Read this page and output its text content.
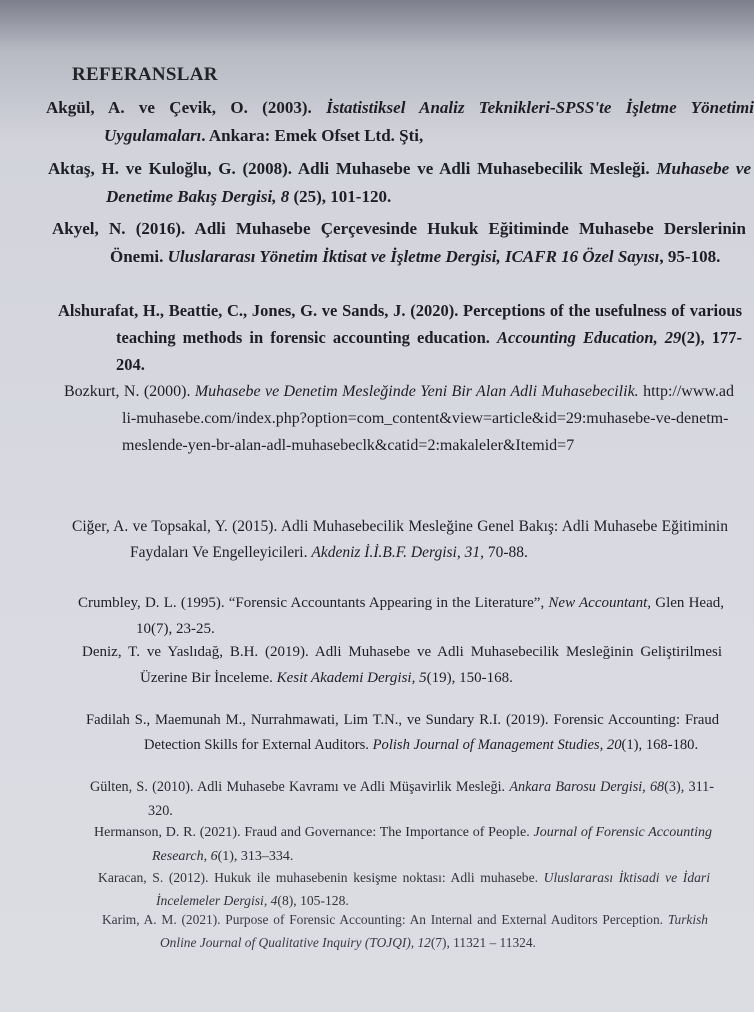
REFERANSLAR

Akgül, A. ve Çevik, O. (2003). İstatistiksel Analiz Teknikleri-SPSS'te İşletme Yönetimi Uygulamaları. Ankara: Emek Ofset Ltd. Şti,

Aktaş, H. ve Kuloğlu, G. (2008). Adli Muhasebe ve Adli Muhasebecilik Mesleği. Muhasebe ve Denetime Bakış Dergisi, 8 (25), 101-120.

Akyel, N. (2016). Adli Muhasebe Çerçevesinde Hukuk Eğitiminde Muhasebe Derslerinin Önemi. Uluslararası Yönetim İktisat ve İşletme Dergisi, ICAFR 16 Özel Sayısı, 95-108.

Alshurafat, H., Beattie, C., Jones, G. ve Sands, J. (2020). Perceptions of the usefulness of various teaching methods in forensic accounting education. Accounting Education, 29(2), 177-204.

Bozkurt, N. (2000). Muhasebe ve Denetim Mesleğinde Yeni Bir Alan Adli Muhasebecilik. http://www.adli-muhasebe.com/index.php?option=com_content&view=article&id=29:muhasebe-ve-denetm-meslende-yen-br-alan-adl-muhasebeclk&catid=2:makaleler&Itemid=7

Ciğer, A. ve Topsakal, Y. (2015). Adli Muhasebecilik Mesleğine Genel Bakış: Adli Muhasebe Eğitiminin Faydaları Ve Engelleyicileri. Akdeniz İ.İ.B.F. Dergisi, 31, 70-88.

Crumbley, D. L. (1995). “Forensic Accountants Appearing in the Literature”, New Accountant, Glen Head, 10(7), 23-25.

Deniz, T. ve Yaslıdağ, B.H. (2019). Adli Muhasebe ve Adli Muhasebecilik Mesleğinin Geliştirilmesi Üzerine Bir İnceleme. Kesit Akademi Dergisi, 5(19), 150-168.

Fadilah S., Maemunah M., Nurrahmawati, Lim T.N., ve Sundary R.I. (2019). Forensic Accounting: Fraud Detection Skills for External Auditors. Polish Journal of Management Studies, 20(1), 168-180.

Gülten, S. (2010). Adli Muhasebe Kavramı ve Adli Müşavirlik Mesleği. Ankara Barosu Dergisi, 68(3), 311-320.

Hermanson, D. R. (2021). Fraud and Governance: The Importance of People. Journal of Forensic Accounting Research, 6(1), 313–334.

Karacan, S. (2012). Hukuk ile muhasebenin kesişme noktası: Adli muhasebe. Uluslararası İktisadi ve İdari İncelemeler Dergisi, 4(8), 105-128.

Karim, A. M. (2021). Purpose of Forensic Accounting: An Internal and External Auditors Perception. Turkish Online Journal of Qualitative Inquiry (TOJQI), 12(7), 11321 – 11324.
